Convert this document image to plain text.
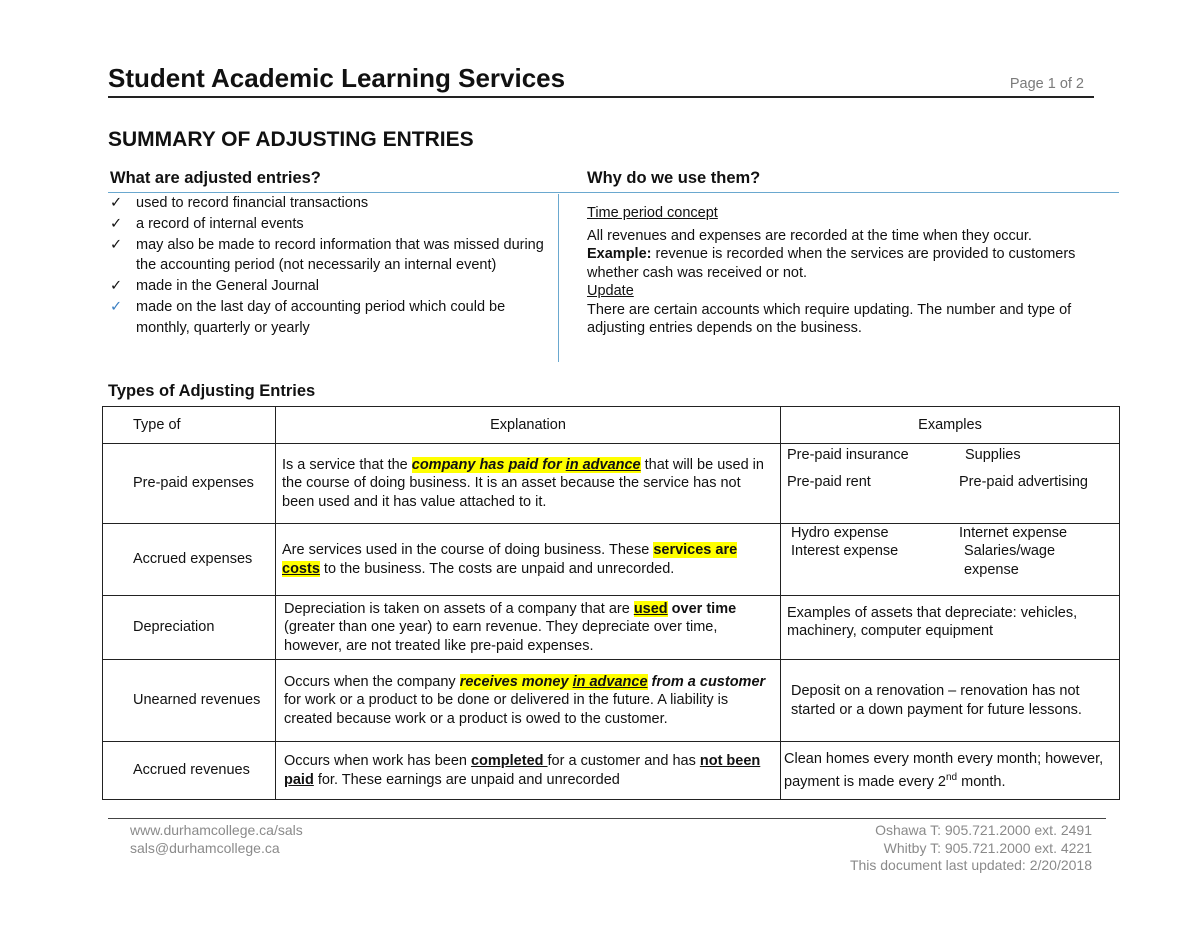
Student Academic Learning Services	Page 1 of 2
SUMMARY OF ADJUSTING ENTRIES
What are adjusted entries?	Why do we use them?
✓ used to record financial transactions
✓ a record of internal events
✓ may also be made to record information that was missed during the accounting period (not necessarily an internal event)
✓ made in the General Journal
✓ made on the last day of accounting period which could be monthly, quarterly or yearly

Time period concept

All revenues and expenses are recorded at the time when they occur.

Example: revenue is recorded when the services are provided to customers whether cash was received or not.

Update

There are certain accounts which require updating. The number and type of adjusting entries depends on the business.

Types of Adjusting Entries
Type of	Explanation	Examples
Pre-paid expenses	Is a service that the company has paid for in advance that will be used in the course of doing business. It is an asset because the service has not been used and it has value attached to it.	Pre-paid insurance Supplies
Pre-paid rent Pre-paid advertising

Accrued expenses	Are services used in the course of doing business. These services are costs to the business. The costs are unpaid and unrecorded.	Hydro expense Internet expense
Interest expense Salaries/wage expense

Depreciation	Depreciation is taken on assets of a company that are used over time (greater than one year) to earn revenue. They depreciate over time, however, are not treated like pre-paid expenses.	Examples of assets that depreciate: vehicles, machinery, computer equipment
Unearned revenues	Occurs when the company receives money in advance from a customer for work or a product to be done or delivered in the future. A liability is created because work or a product is owed to the customer.	Deposit on a renovation – renovation has not started or a down payment for future lessons.
Accrued revenues	Occurs when work has been completed for a customer and has not been paid for. These earnings are unpaid and unrecorded	Clean homes every month every month; however, payment is made every 2nd month.
www.durhamcollege.ca/sals
sals@durhamcollege.ca
Oshawa T: 905.721.2000 ext. 2491
Whitby T: 905.721.2000 ext. 4221
This document last updated: 2/20/2018
